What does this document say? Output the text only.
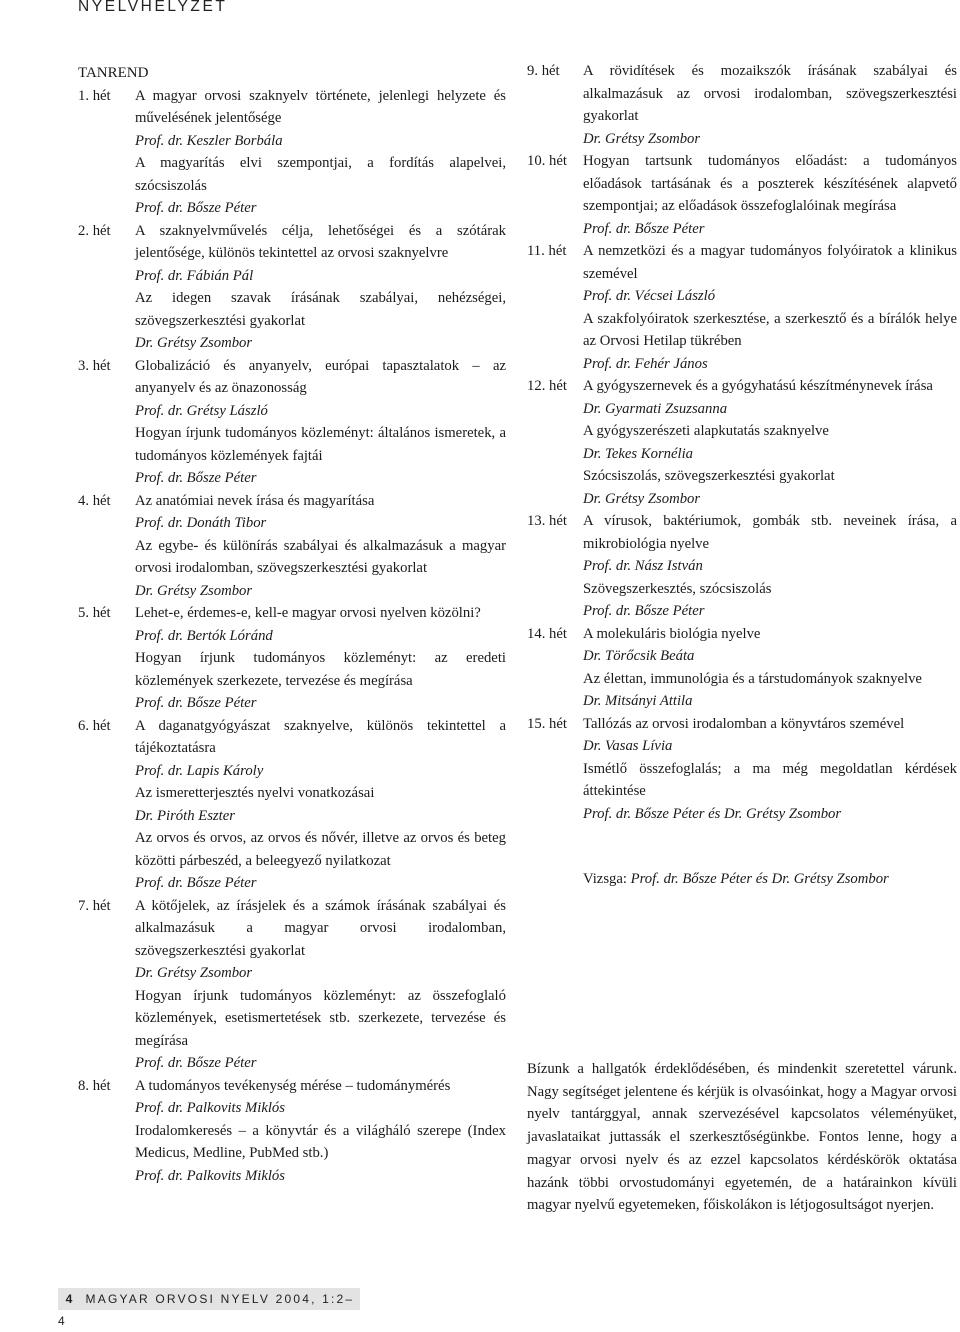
NYELVHELYZET
TANREND
1. hét	A magyar orvosi szaknyelv története, jelenlegi helyzete és művelésének jelentősége
Prof. dr. Keszler Borbála
A magyarítás elvi szempontjai, a fordítás alapelvei, szócsiszolás
Prof. dr. Bősze Péter
2. hét	A szaknyelvművelés célja, lehetőségei és a szótárak jelentősége, különös tekintettel az orvosi szaknyelvre
Prof. dr. Fábián Pál
Az idegen szavak írásának szabályai, nehézségei, szövegszerkesztési gyakorlat
Dr. Grétsy Zsombor
3. hét	Globalizáció és anyanyelv, európai tapasztalatok – az anyanyelv és az önazonosság
Prof. dr. Grétsy László
Hogyan írjunk tudományos közleményt: általános ismeretek, a tudományos közlemények fajtái
Prof. dr. Bősze Péter
4. hét	Az anatómiai nevek írása és magyarítása
Prof. dr. Donáth Tibor
Az egybe- és különírás szabályai és alkalmazásuk a magyar orvosi irodalomban, szövegszerkesztési gyakorlat
Dr. Grétsy Zsombor
5. hét	Lehet-e, érdemes-e, kell-e magyar orvosi nyelven közölni?
Prof. dr. Bertók Lóránd
Hogyan írjunk tudományos közleményt: az eredeti közlemények szerkezete, tervezése és megírása
Prof. dr. Bősze Péter
6. hét	A daganatgyógyászat szaknyelve, különös tekintettel a tájékoztatásra
Prof. dr. Lapis Károly
Az ismeretterjesztés nyelvi vonatkozásai
Dr. Piróth Eszter
Az orvos és orvos, az orvos és nővér, illetve az orvos és beteg közötti párbeszéd, a beleegyező nyilatkozat
Prof. dr. Bősze Péter
7. hét	A kötőjelek, az írásjelek és a számok írásának szabályai és alkalmazásuk a magyar orvosi irodalomban, szövegszerkesztési gyakorlat
Dr. Grétsy Zsombor
Hogyan írjunk tudományos közleményt: az összefoglaló közlemények, esetismertetések stb. szerkezete, tervezése és megírása
Prof. dr. Bősze Péter
8. hét	A tudományos tevékenység mérése – tudománymérés
Prof. dr. Palkovits Miklós
Irodalomkeresés – a könyvtár és a világháló szerepe (Index Medicus, Medline, PubMed stb.)
Prof. dr. Palkovits Miklós
9. hét	A rövidítések és mozaikszók írásának szabályai és alkalmazásuk az orvosi irodalomban, szövegszerkesztési gyakorlat
Dr. Grétsy Zsombor
10. hét	Hogyan tartsunk tudományos előadást: a tudományos előadások tartásának és a poszterek készítésének alapvető szempontjai; az előadások összefoglalóinak megírása
Prof. dr. Bősze Péter
11. hét	A nemzetközi és a magyar tudományos folyóiratok a klinikus szemével
Prof. dr. Vécsei László
A szakfolyóiratok szerkesztése, a szerkesztő és a bírálók helye az Orvosi Hetilap tükrében
Prof. dr. Fehér János
12. hét	A gyógyszernevek és a gyógyhatású készítménynevek írása
Dr. Gyarmati Zsuzsanna
A gyógyszerészeti alapkutatás szaknyelve
Dr. Tekes Kornélia
Szócsiszolás, szövegszerkesztési gyakorlat
Dr. Grétsy Zsombor
13. hét	A vírusok, baktériumok, gombák stb. neveinek írása, a mikrobiológia nyelve
Prof. dr. Nász István
Szövegszerkesztés, szócsiszolás
Prof. dr. Bősze Péter
14. hét	A molekuláris biológia nyelve
Dr. Törőcsik Beáta
Az élettan, immunológia és a társtudományok szaknyelve
Dr. Mitsányi Attila
15. hét	Tallózás az orvosi irodalomban a könyvtáros szemével
Dr. Vasas Lívia
Ismétlő összefoglalás; a ma még megoldatlan kérdések áttekintése
Prof. dr. Bősze Péter és Dr. Grétsy Zsombor
Vizsga: Prof. dr. Bősze Péter és Dr. Grétsy Zsombor
Bízunk a hallgatók érdeklődésében, és mindenkit szeretettel várunk. Nagy segítséget jelentene és kérjük is olvasóinkat, hogy a Magyar orvosi nyelv tantárggyal, annak szervezésével kapcsolatos véleményüket, javaslataikat juttassák el szerkesztőségünkbe. Fontos lenne, hogy a magyar orvosi nyelv és az ezzel kapcsolatos kérdéskörök oktatása hazánk többi orvostudományi egyetemén, de a határainkon kívüli magyar nyelvű egyetemeken, főiskolákon is létjogosultságot nyerjen.
4 MAGYAR ORVOSI NYELV 2004, 1:2–4
